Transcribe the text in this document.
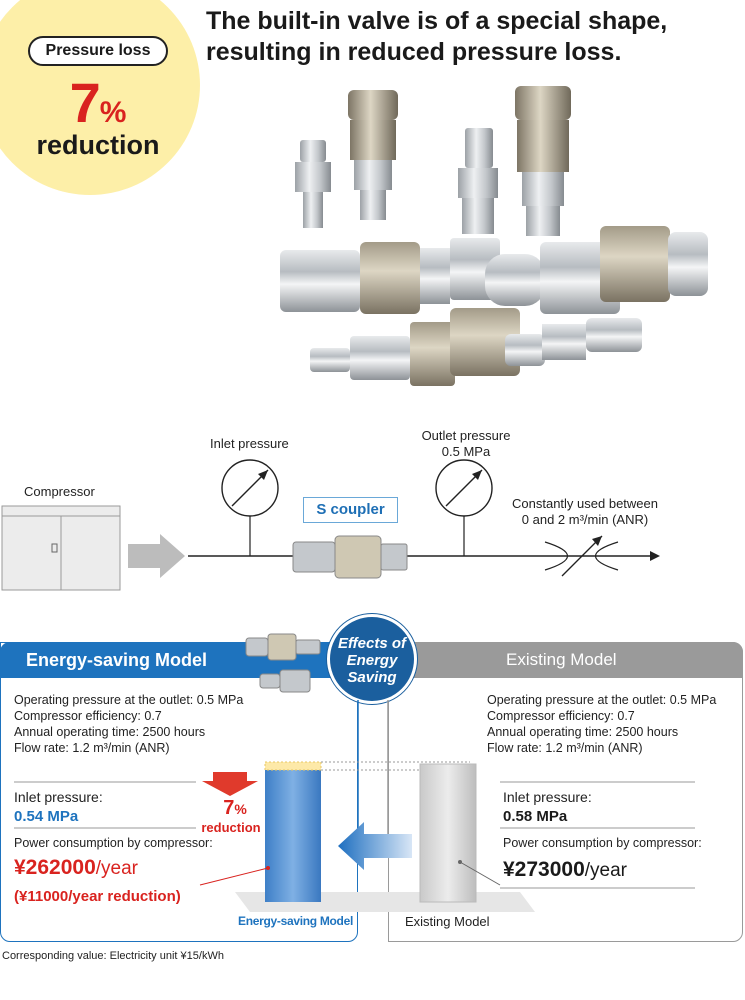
Pressure loss
7%
reduction
The built-in valve is of a special shape,
resulting in reduced pressure loss.
Inlet pressure
Outlet pressure
0.5 MPa
Compressor
S coupler	Constantly used between
0 and 2 m³/min (ANR)
Energy-saving Model	Existing Model
Effects of
Energy
Saving
Operating pressure at the outlet: 0.5 MPa
Compressor efficiency: 0.7
Annual operating time: 2500 hours
Flow rate: 1.2 m³/min (ANR)
Operating pressure at the outlet: 0.5 MPa
Compressor efficiency: 0.7
Annual operating time: 2500 hours
Flow rate: 1.2 m³/min (ANR)
Inlet pressure:
0.54 MPa
Power consumption by compressor:
¥262000/year
(¥11000/year reduction)
7%
reduction
Inlet pressure:
0.58 MPa
Power consumption by compressor:
¥273000/year
Energy-saving Model	Existing Model
Corresponding value: Electricity unit ¥15/kWh
